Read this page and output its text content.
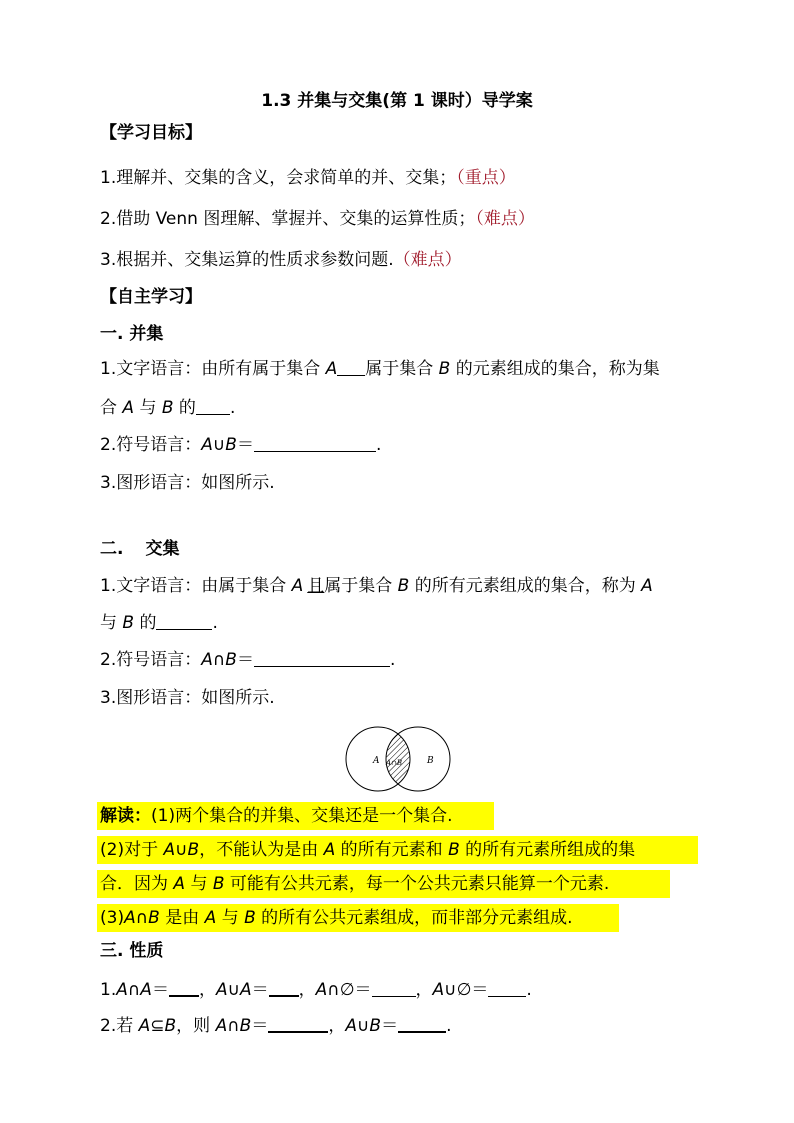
1.3 并集与交集(第 1 课时）导学案
【学习目标】
1.理解并、交集的含义，会求简单的并、交集；（重点）
2.借助 Venn 图理解、掌握并、交集的运算性质；（难点）
3.根据并、交集运算的性质求参数问题.（难点）
【自主学习】
一. 并集
1.文字语言：由所有属于集合 A 属于集合 B 的元素组成的集合，称为集
合 A 与 B 的 .
2.符号语言：A∪B＝	.
3.图形语言：如图所示.
二. 交集
1.文字语言：由属于集合 A 且属于集合 B 的所有元素组成的集合，称为 A
与 B 的	.
2.符号语言：A∩B＝	.
3.图形语言：如图所示.
A A∩B	B
解读：(1)两个集合的并集、交集还是一个集合.
(2)对于 A∪B，不能认为是由 A 的所有元素和 B 的所有元素所组成的集
合．因为 A 与 B 可能有公共元素，每一个公共元素只能算一个元素.
(3)A∩B 是由 A 与 B 的所有公共元素组成，而非部分元素组成.
三. 性质
1.A∩A＝ ，A∪A＝ ，A∩∅＝	，A∪∅＝ .
2.若 A⊆B，则 A∩B＝	，A∪B＝	.
